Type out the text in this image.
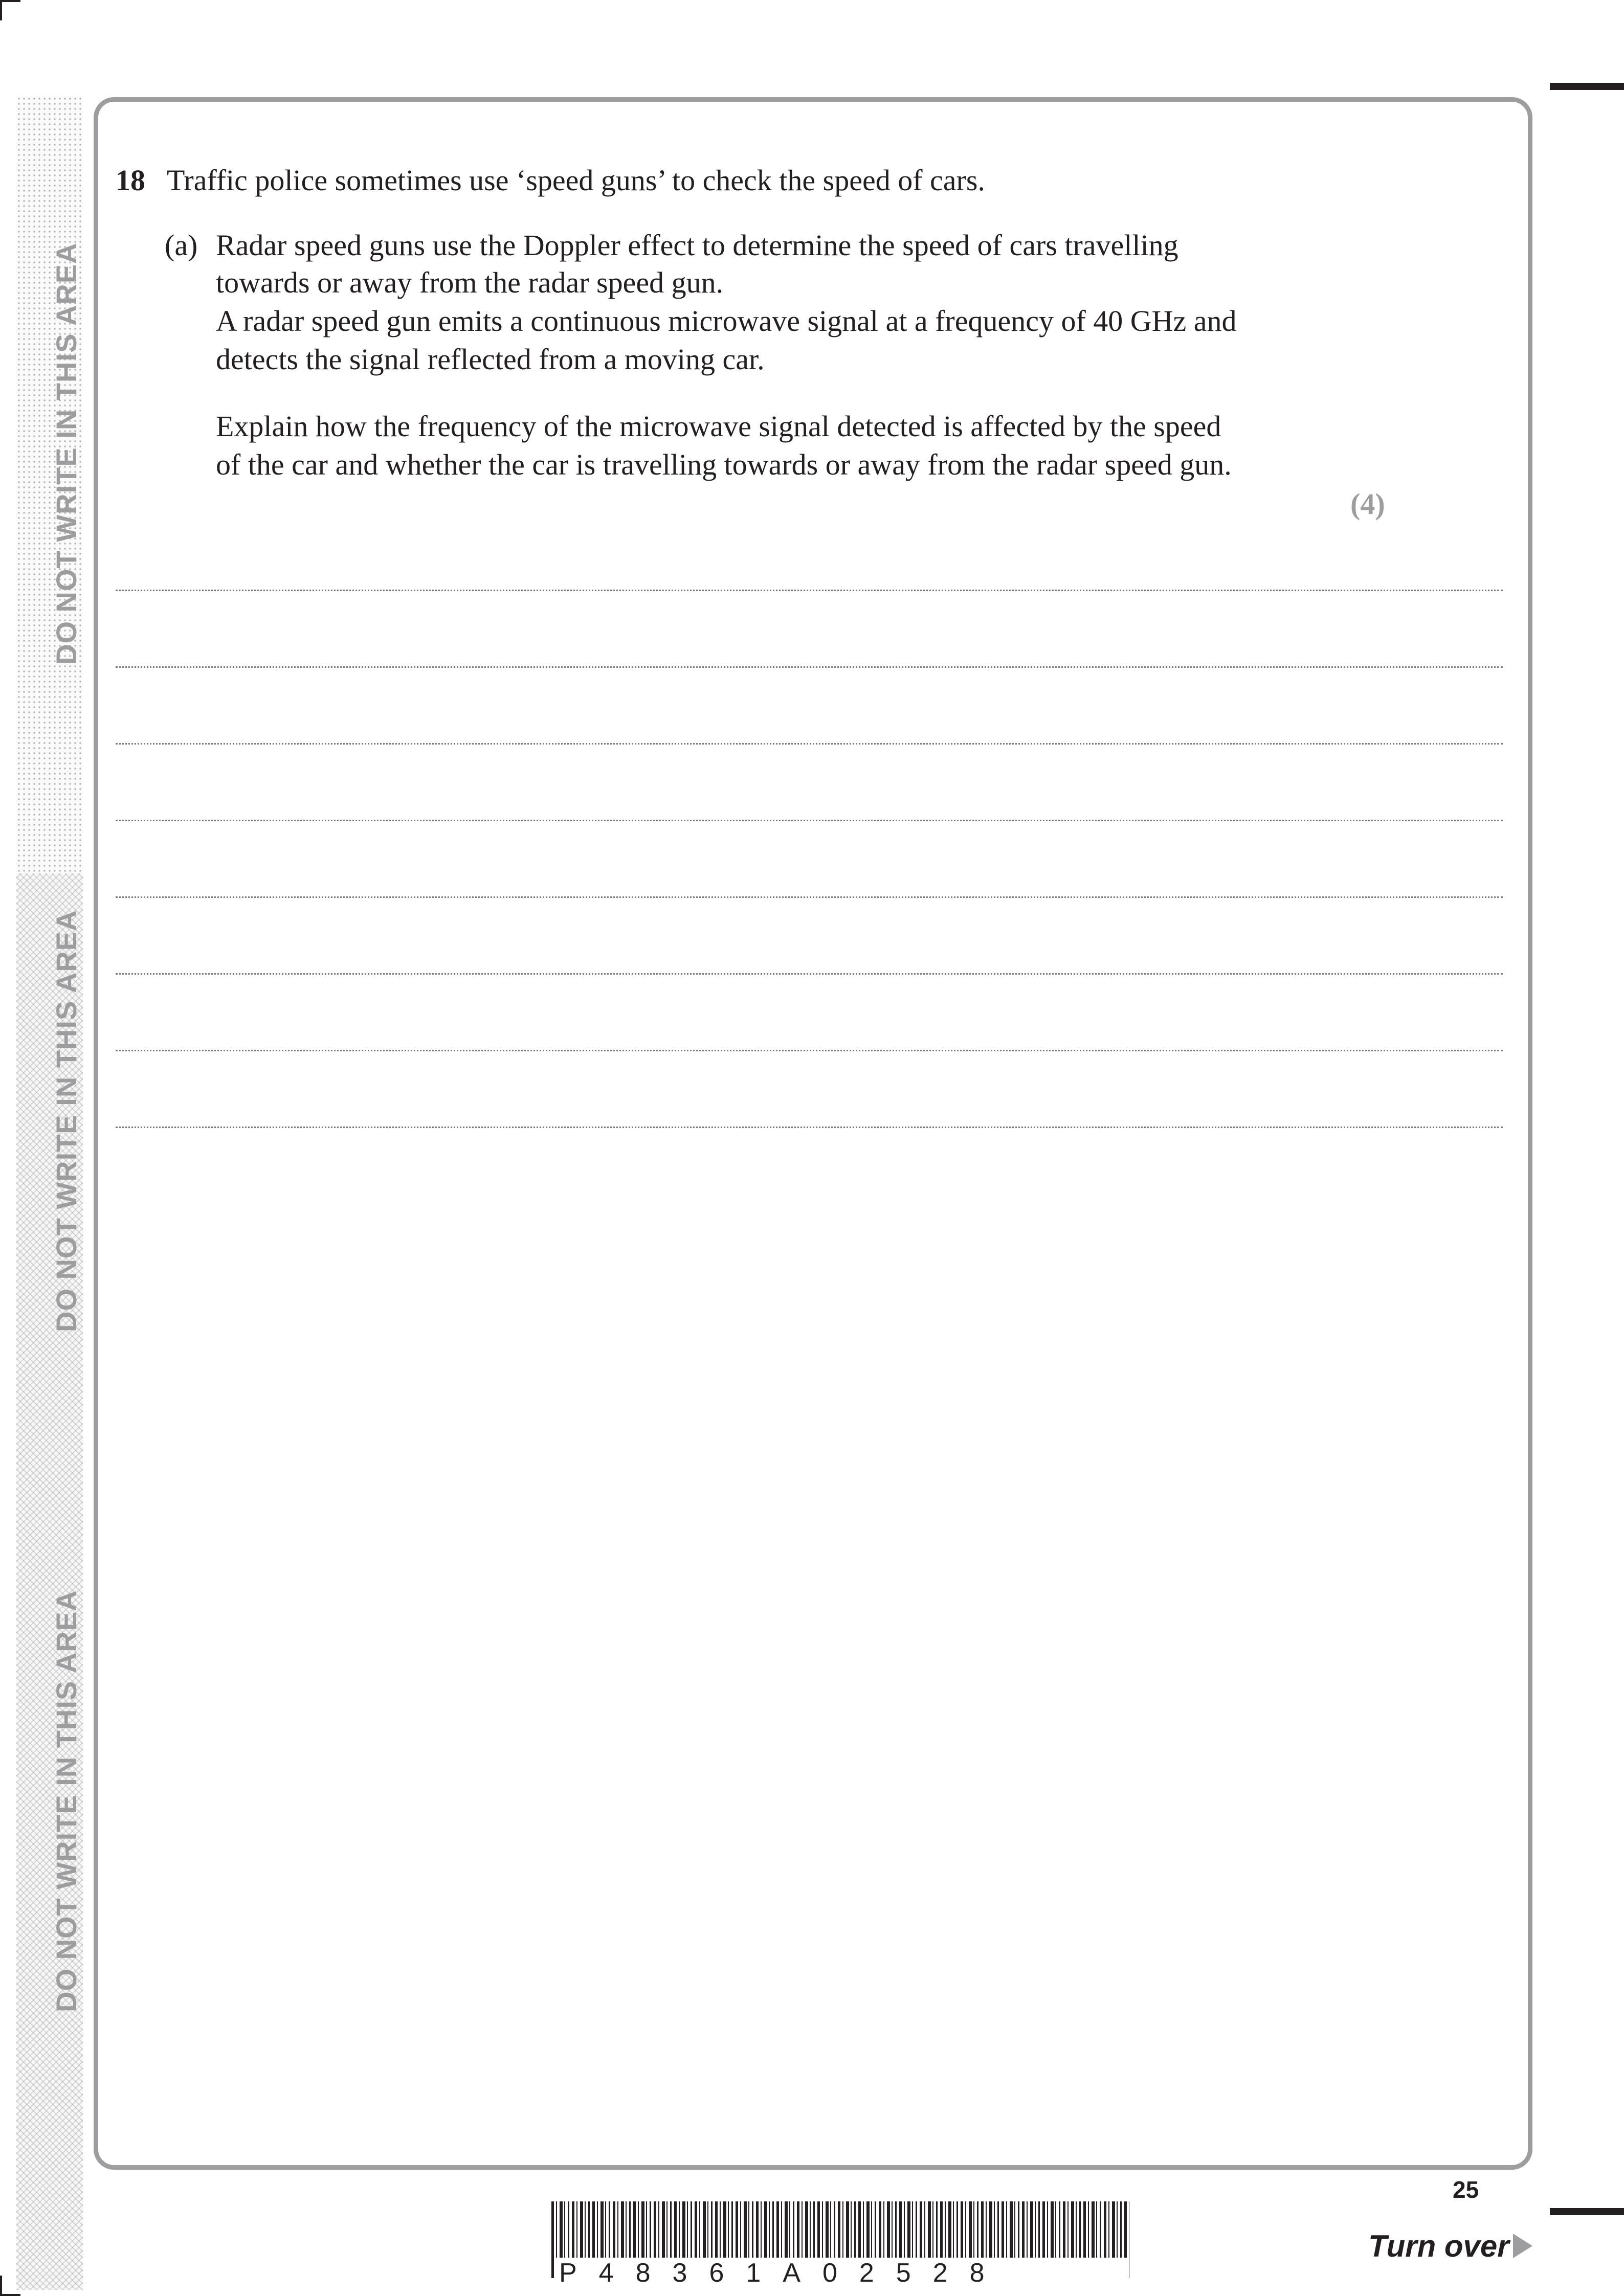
DO NOT WRITE IN THIS AREA
DO NOT WRITE IN THIS AREA
DO NOT WRITE IN THIS AREA
18 Traffic police sometimes use ‘speed guns’ to check the speed of cars.
(a) Radar speed guns use the Doppler effect to determine the speed of cars travelling
towards or away from the radar speed gun.
A radar speed gun emits a continuous microwave signal at a frequency of 40 GHz and
detects the signal reflected from a moving car.
Explain how the frequency of the microwave signal detected is affected by the speed
of the car and whether the car is travelling towards or away from the radar speed gun.
(4)
25
P48361A02528
Turn over
